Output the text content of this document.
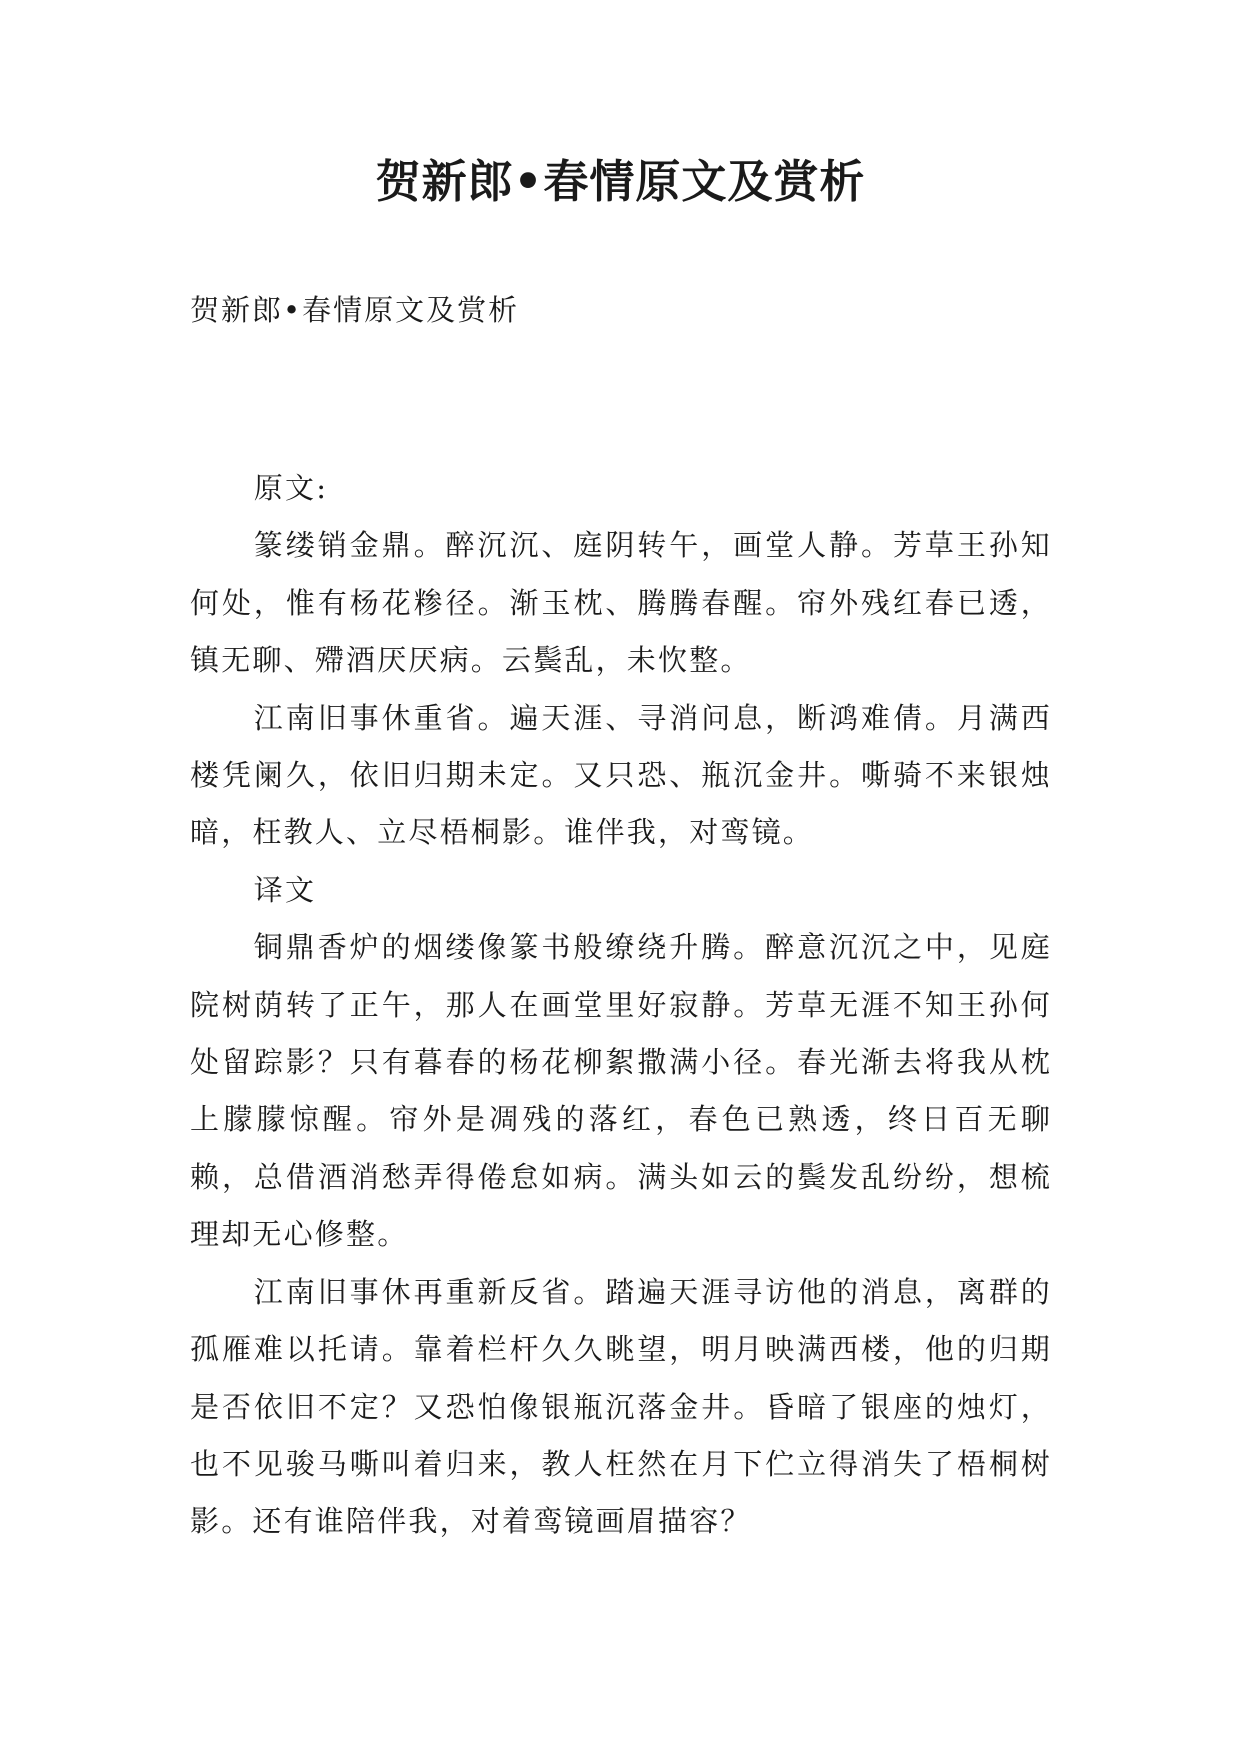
贺新郎•春情原文及赏析

贺新郎•春情原文及赏析

原文:

篆缕销金鼎。醉沉沉、庭阴转午，画堂人静。芳草王孙知何处，惟有杨花糁径。渐玉枕、腾腾春醒。帘外残红春已透，镇无聊、殢酒厌厌病。云鬓乱，未忺整。

江南旧事休重省。遍天涯、寻消问息，断鸿难倩。月满西楼凭阑久，依旧归期未定。又只恐、瓶沉金井。嘶骑不来银烛暗，枉教人、立尽梧桐影。谁伴我，对鸾镜。

译文

铜鼎香炉的烟缕像篆书般缭绕升腾。醉意沉沉之中，见庭院树荫转了正午，那人在画堂里好寂静。芳草无涯不知王孙何处留踪影？只有暮春的杨花柳絮撒满小径。春光渐去将我从枕上朦朦惊醒。帘外是凋残的落红，春色已熟透，终日百无聊赖，总借酒消愁弄得倦怠如病。满头如云的鬓发乱纷纷，想梳理却无心修整。

江南旧事休再重新反省。踏遍天涯寻访他的消息，离群的孤雁难以托请。靠着栏杆久久眺望，明月映满西楼，他的归期是否依旧不定？又恐怕像银瓶沉落金井。昏暗了银座的烛灯，也不见骏马嘶叫着归来，教人枉然在月下伫立得消失了梧桐树影。还有谁陪伴我，对着鸾镜画眉描容？
